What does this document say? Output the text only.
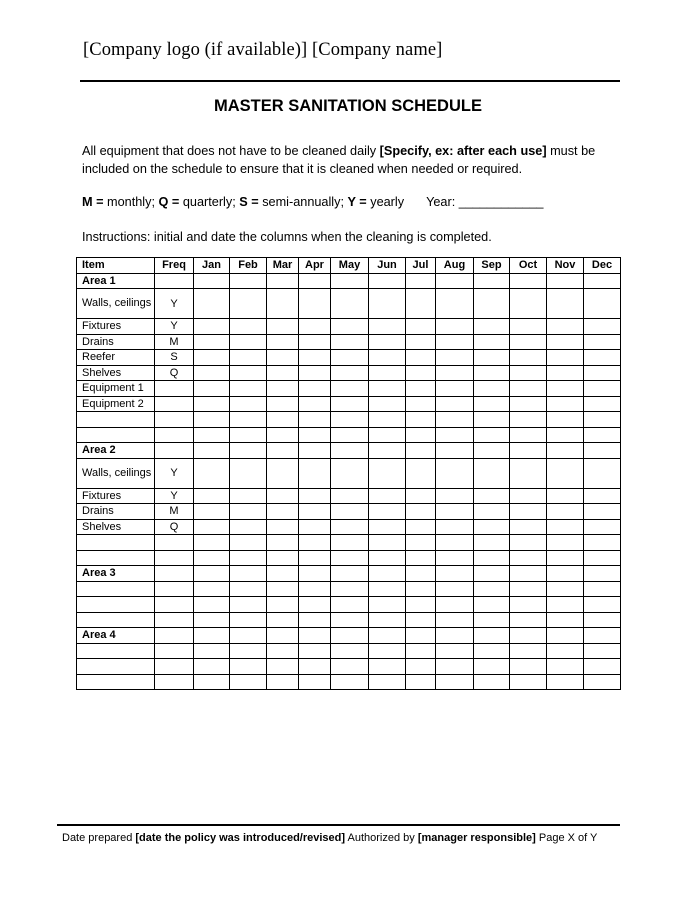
[Company logo (if available)] [Company name]
MASTER SANITATION SCHEDULE
All equipment that does not have to be cleaned daily [Specify, ex: after each use] must be included on the schedule to ensure that it is cleaned when needed or required.
M = monthly; Q = quarterly; S = semi-annually; Y = yearly Year: ____________
Instructions: initial and date the columns when the cleaning is completed.
Item	Freq	Jan	Feb	Mar	Apr	May	Jun	Jul	Aug	Sep	Oct	Nov	Dec
Area 1													
Walls, ceilings	Y												
Fixtures	Y												
Drains	M												
Reefer	S												
Shelves	Q												
Equipment 1													
Equipment 2													

Area 2													
Walls, ceilings	Y												
Fixtures	Y												
Drains	M												
Shelves	Q												

Area 3													

Area 4													

Date prepared [date the policy was introduced/revised] Authorized by [manager responsible] Page X of Y
